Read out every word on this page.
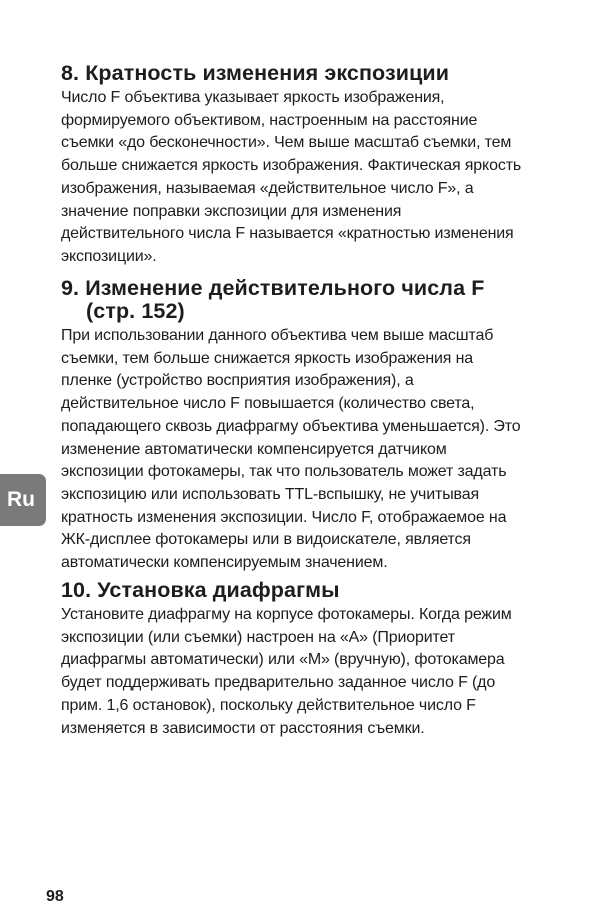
8. Кратность изменения экспозиции

Число F объектива указывает яркость изображения,
формируемого объективом, настроенным на расстояние
съемки «до бесконечности». Чем выше масштаб съемки, тем
больше снижается яркость изображения. Фактическая яркость
изображения, называемая «действительное число F», а
значение поправки экспозиции для изменения
действительного числа F называется «кратностью изменения
экспозиции».

9. Изменение действительного числа F
(стр. 152)

При использовании данного объектива чем выше масштаб
съемки, тем больше снижается яркость изображения на
пленке (устройство восприятия изображения), а
действительное число F повышается (количество света,
попадающего сквозь диафрагму объектива уменьшается). Это
изменение автоматически компенсируется датчиком
экспозиции фотокамеры, так что пользователь может задать
экспозицию или использовать TTL-вспышку, не учитывая
кратность изменения экспозиции. Число F, отображаемое на
ЖК-дисплее фотокамеры или в видоискателе, является
автоматически компенсируемым значением.

10. Установка диафрагмы

Установите диафрагму на корпусе фотокамеры. Когда режим
экспозиции (или съемки) настроен на «A» (Приоритет
диафрагмы автоматически) или «M» (вручную), фотокамера
будет поддерживать предварительно заданное число F (до
прим. 1,6 остановок), поскольку действительное число F
изменяется в зависимости от расстояния съемки.

Ru
98
